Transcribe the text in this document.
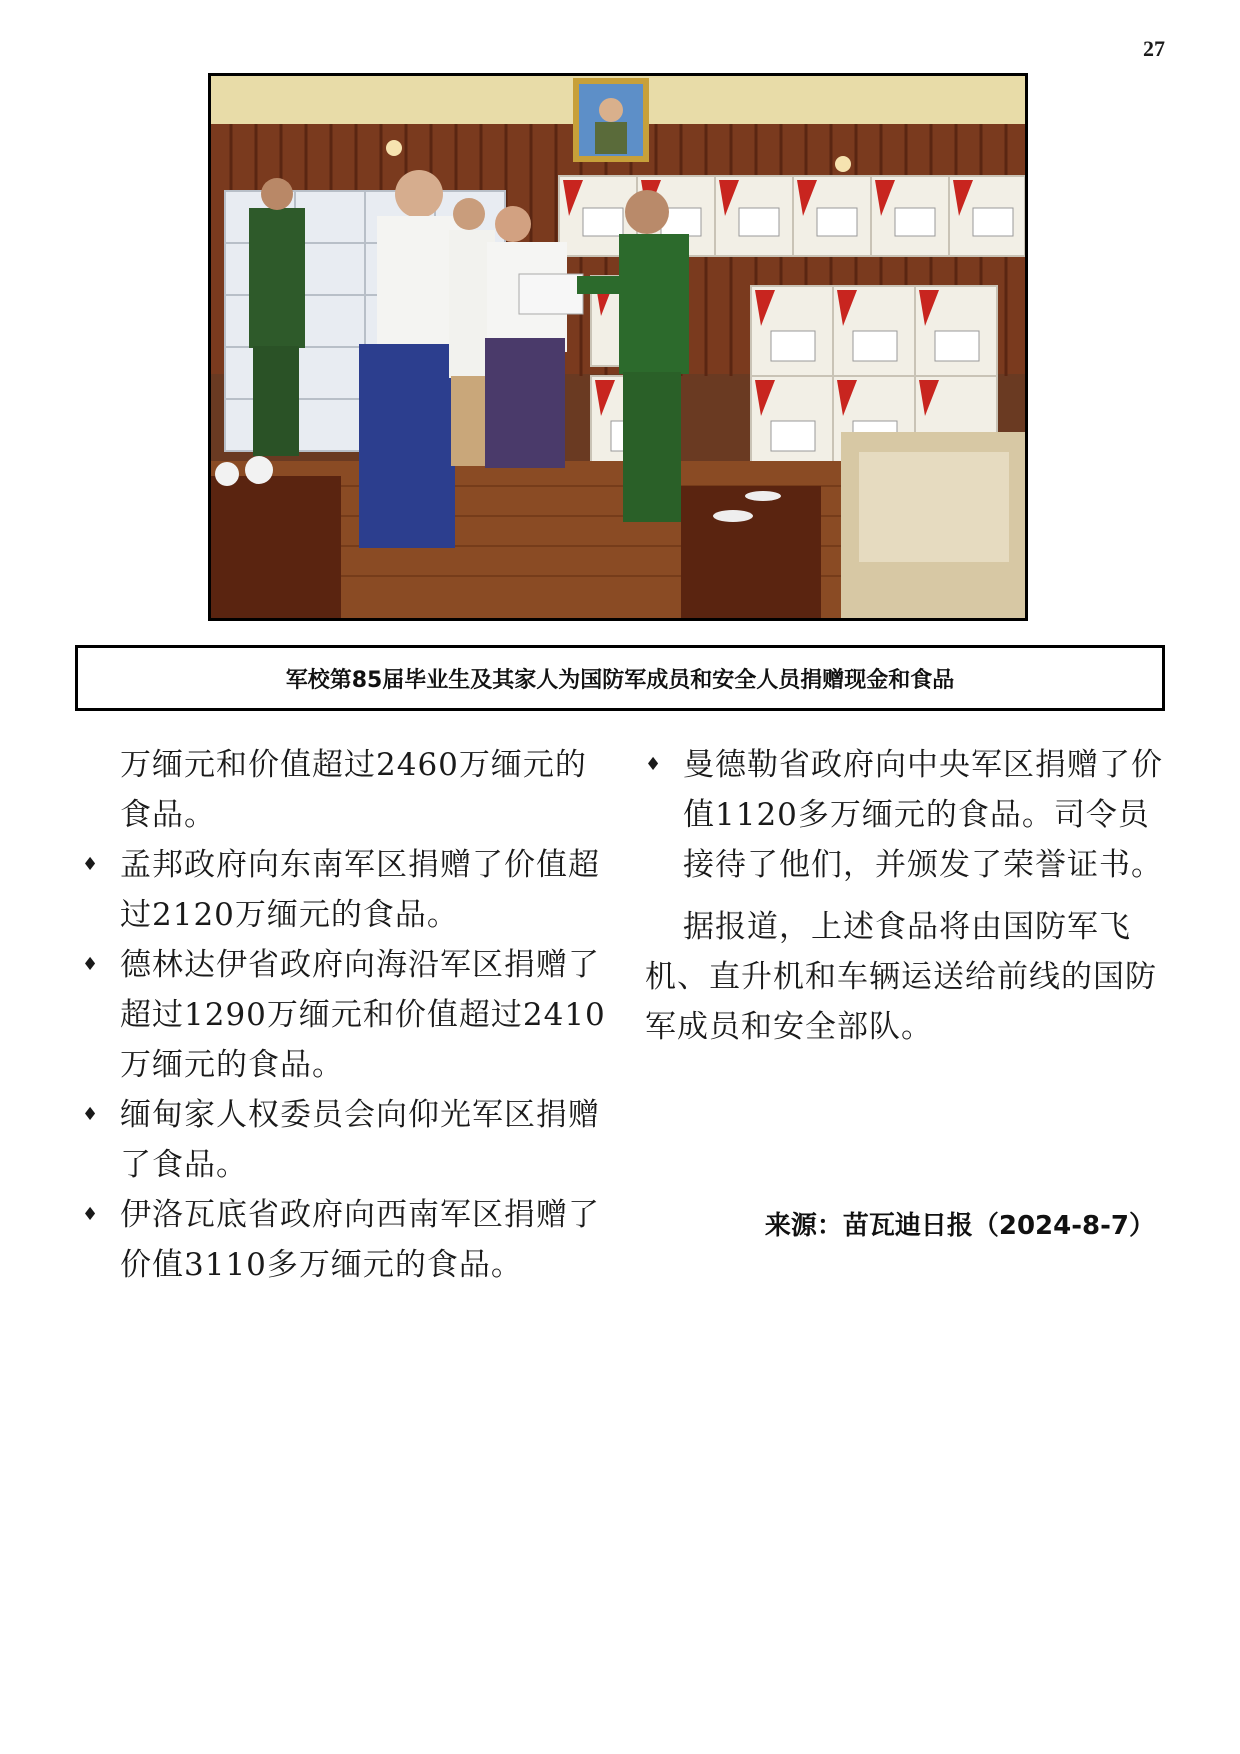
27
军校第85届毕业生及其家人为国防军成员和安全人员捐赠现金和食品

万缅元和价值超过2460万缅元的食品。

♦ 孟邦政府向东南军区捐赠了价值超过2120万缅元的食品。
♦ 德林达伊省政府向海沿军区捐赠了超过1290万缅元和价值超过2410万缅元的食品。
♦ 缅甸家人权委员会向仰光军区捐赠了食品。
♦ 伊洛瓦底省政府向西南军区捐赠了价值3110多万缅元的食品。
♦ 曼德勒省政府向中央军区捐赠了价值1120多万缅元的食品。司令员接待了他们，并颁发了荣誉证书。

据报道，上述食品将由国防军飞机、直升机和车辆运送给前线的国防军成员和安全部队。

来源：苗瓦迪日报（2024-8-7）
